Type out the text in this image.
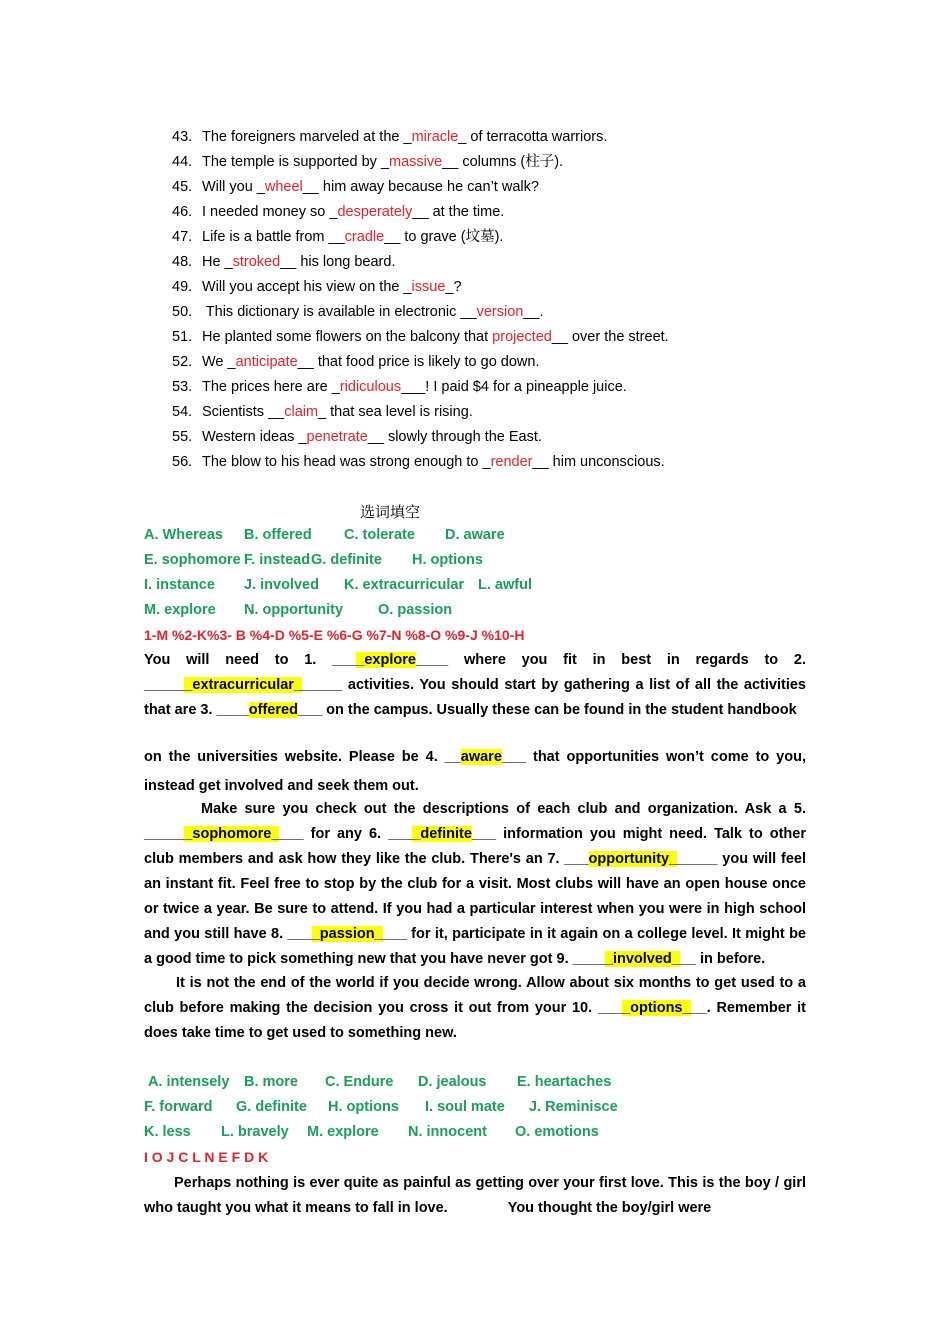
43. The foreigners marveled at the _miracle_ of terracotta warriors.
44. The temple is supported by _massive__ columns (柱子).
45. Will you _wheel__ him away because he can’t walk?
46. I needed money so _desperately__ at the time.
47. Life is a battle from __cradle__ to grave (坟墓).
48. He _stroked__ his long beard.
49. Will you accept his view on the _issue_?
50. This dictionary is available in electronic __version__.
51. He planted some flowers on the balcony that projected__ over the street.
52. We _anticipate__ that food price is likely to go down.
53. The prices here are _ridiculous___! I paid $4 for a pineapple juice.
54. Scientists __claim_ that sea level is rising.
55. Western ideas _penetrate__ slowly through the East.
56. The blow to his head was strong enough to _render__ him unconscious.
选词填空
A. Whereas B. offered C. tolerate D. aware
E. sophomore F. instead G. definite H. options
I. instance J. involved K. extracurricular L. awful
M. explore N. opportunity O. passion
1-M %2-K%3- B %4-D %5-E %6-G %7-N %8-O %9-J %10-H

You will need to 1. ____explore____ where you fit in best in regards to 2. ______extracurricular______ activities. You should start by gathering a list of all the activities that are 3. ____offered___ on the campus. Usually these can be found in the student handbook

on the universities website. Please be 4. __aware___ that opportunities won’t come to you, instead get involved and seek them out.

Make sure you check out the descriptions of each club and organization. Ask a 5. ______sophomore____ for any 6. ____definite___ information you might need. Talk to other club members and ask how they like the club. There's an 7. ___opportunity______ you will feel an instant fit. Feel free to stop by the club for a visit. Most clubs will have an open house once or twice a year. Be sure to attend. If you had a particular interest when you were in high school and you still have 8. ____passion____ for it, participate in it again on a college level. It might be a good time to pick something new that you have never got 9. _____involved___ in before.

It is not the end of the world if you decide wrong. Allow about six months to get used to a club before making the decision you cross it out from your 10. ____options___. Remember it does take time to get used to something new.

A. intensely B. more C. Endure D. jealous E. heartaches
F. forward G. definite H. options I. soul mate J. Reminisce
K. less L. bravely M. explore N. innocent O. emotions
I O J C L N E F D K

Perhaps nothing is ever quite as painful as getting over your first love. This is the boy / girl who taught you what it means to fall in love.	You thought the boy/girl were
